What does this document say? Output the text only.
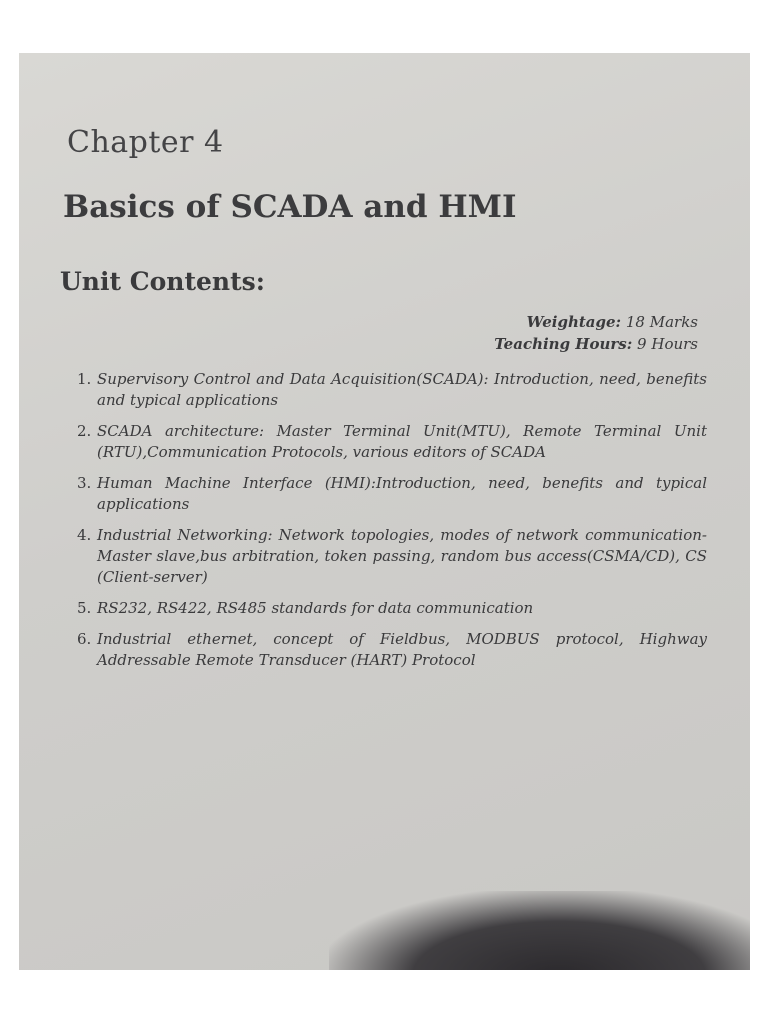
Chapter 4
Basics of SCADA and HMI
Unit Contents:
Weightage: 18 Marks
Teaching Hours: 9 Hours
1. Supervisory Control and Data Acquisition(SCADA): Introduction, need, benefits and typical applications
2. SCADA architecture: Master Terminal Unit(MTU), Remote Terminal Unit (RTU),Communication Protocols, various editors of SCADA
3. Human Machine Interface (HMI):Introduction, need, benefits and typical applications
4. Industrial Networking: Network topologies, modes of network communication-Master slave,bus arbitration, token passing, random bus access(CSMA/CD), CS (Client-server)
5. RS232, RS422, RS485 standards for data communication
6. Industrial ethernet, concept of Fieldbus, MODBUS protocol, Highway Addressable Remote Transducer (HART) Protocol
